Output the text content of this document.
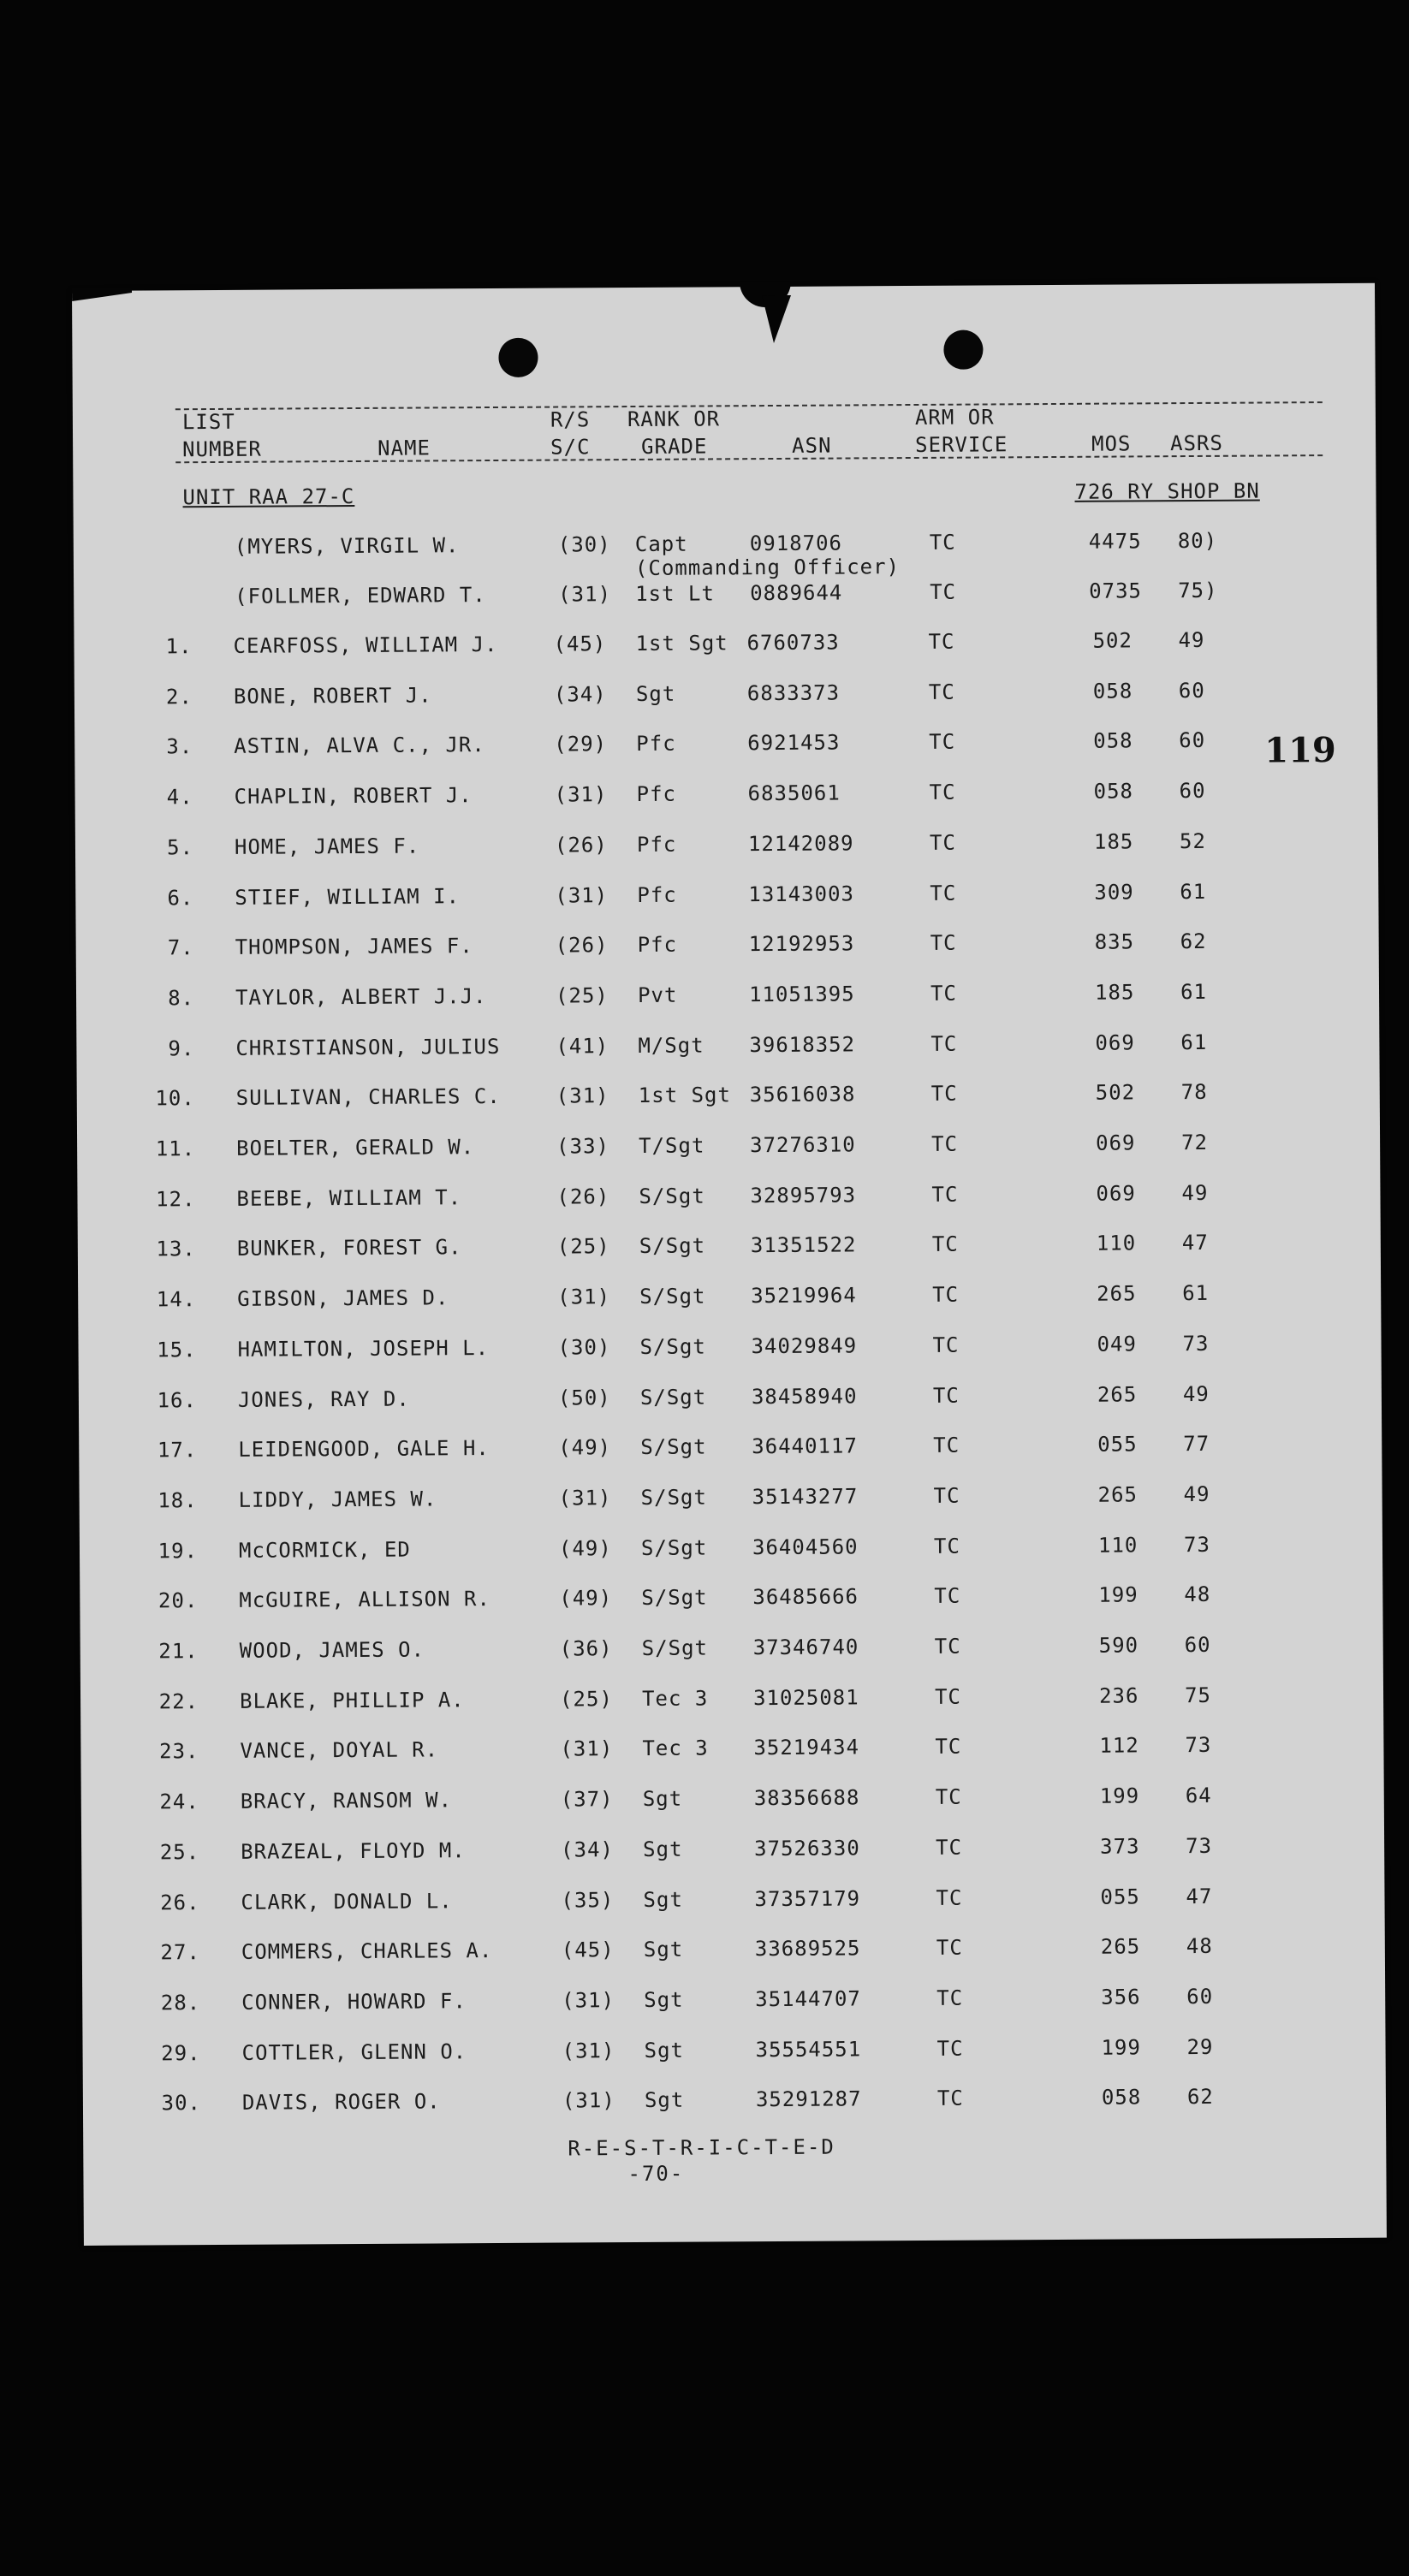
LIST
NUMBER	NAME
R/S
S/C
RANK OR
GRADE	ASN
ARM OR
SERVICE	MOS ASRS
UNIT RAA 27-C	726 RY SHOP BN
119
(MYERS, VIRGIL W.	(30) Capt	0918706	TC	4475 80)
(Commanding Officer)
(FOLLMER, EDWARD T.	(31) 1st Lt 0889644	TC	0735 75)
1. CEARFOSS, WILLIAM J.	(45) 1st Sgt 6760733	TC	502 49
2. BONE, ROBERT J.	(34) Sgt	6833373	TC	058 60
3. ASTIN, ALVA C., JR.	(29) Pfc	6921453	TC	058 60
4. CHAPLIN, ROBERT J.	(31) Pfc	6835061	TC	058 60
5. HOME, JAMES F.	(26) Pfc	12142089	TC	185 52
6. STIEF, WILLIAM I.	(31) Pfc	13143003	TC	309 61
7. THOMPSON, JAMES F.	(26) Pfc	12192953	TC	835 62
8. TAYLOR, ALBERT J.J.	(25) Pvt	11051395	TC	185 61
9. CHRISTIANSON, JULIUS	(41) M/Sgt 39618352	TC	069 61
10. SULLIVAN, CHARLES C.	(31) 1st Sgt 35616038	TC	502 78
11. BOELTER, GERALD W.	(33) T/Sgt 37276310	TC	069 72
12. BEEBE, WILLIAM T.	(26) S/Sgt 32895793	TC	069 49
13. BUNKER, FOREST G.	(25) S/Sgt 31351522	TC	110 47
14. GIBSON, JAMES D.	(31) S/Sgt 35219964	TC	265 61
15. HAMILTON, JOSEPH L.	(30) S/Sgt 34029849	TC	049 73
16. JONES, RAY D.	(50) S/Sgt 38458940	TC	265 49
17. LEIDENGOOD, GALE H.	(49) S/Sgt 36440117	TC	055 77
18. LIDDY, JAMES W.	(31) S/Sgt 35143277	TC	265 49
19. McCORMICK, ED	(49) S/Sgt 36404560	TC	110 73
20. McGUIRE, ALLISON R.	(49) S/Sgt 36485666	TC	199 48
21. WOOD, JAMES O.	(36) S/Sgt 37346740	TC	590 60
22. BLAKE, PHILLIP A.	(25) Tec 3 31025081	TC	236 75
23. VANCE, DOYAL R.	(31) Tec 3 35219434	TC	112 73
24. BRACY, RANSOM W.	(37) Sgt	38356688	TC	199 64
25. BRAZEAL, FLOYD M.	(34) Sgt	37526330	TC	373 73
26. CLARK, DONALD L.	(35) Sgt	37357179	TC	055 47
27. COMMERS, CHARLES A.	(45) Sgt	33689525	TC	265 48
28. CONNER, HOWARD F.	(31) Sgt	35144707	TC	356 60
29. COTTLER, GLENN O.	(31) Sgt	35554551	TC	199 29
30. DAVIS, ROGER O.	(31) Sgt	35291287	TC	058 62
R-E-S-T-R-I-C-T-E-D
-70-
